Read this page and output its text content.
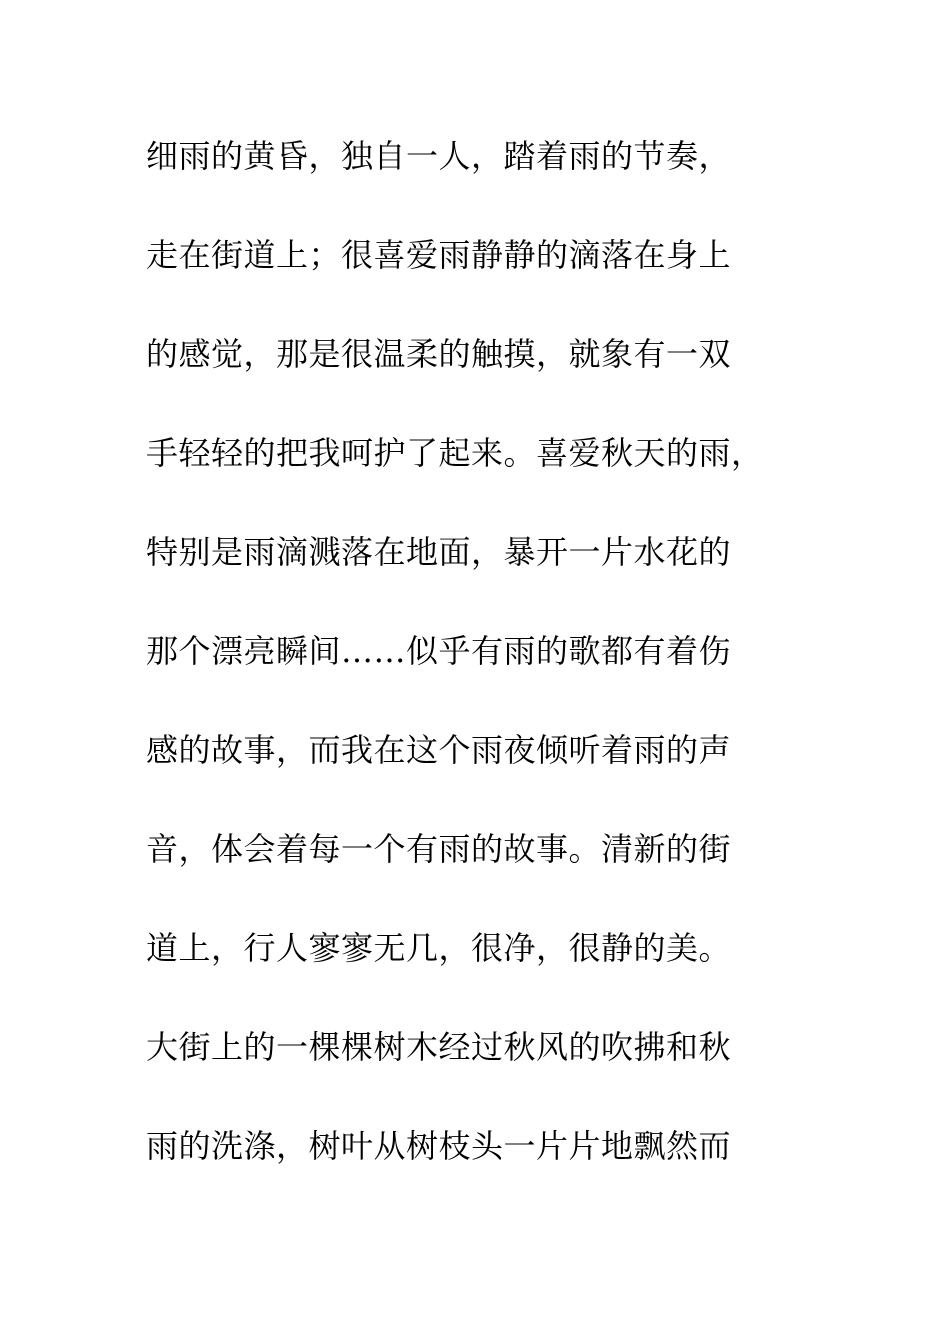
细雨的黄昏，独自一人，踏着雨的节奏，
走在街道上；很喜爱雨静静的滴落在身上
的感觉，那是很温柔的触摸，就象有一双
手轻轻的把我呵护了起来。喜爱秋天的雨，
特别是雨滴溅落在地面，暴开一片水花的
那个漂亮瞬间……似乎有雨的歌都有着伤
感的故事，而我在这个雨夜倾听着雨的声
音，体会着每一个有雨的故事。清新的街
道上，行人寥寥无几，很净，很静的美。
大街上的一棵棵树木经过秋风的吹拂和秋
雨的洗涤，树叶从树枝头一片片地飘然而
